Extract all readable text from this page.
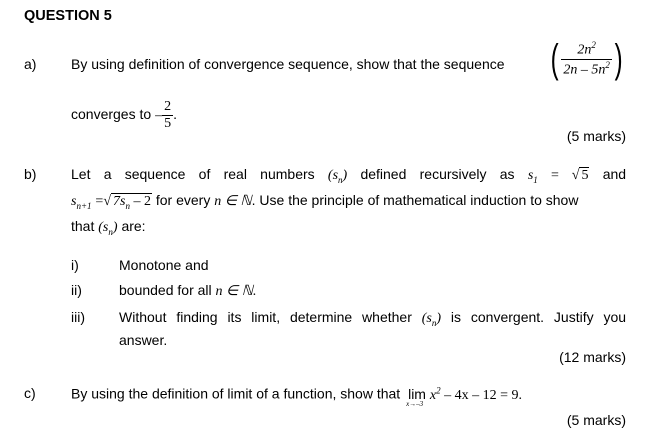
QUESTION 5
a) By using definition of convergence sequence, show that the sequence ( $\frac{2n^2}{2n - 5n^2}$ )
converges to – $\frac{2}{5}$ .
(5 marks)
b) Let a sequence of real numbers $(s_n)$ defined recursively as $s_1$ = √ 5 and
$s_{n+1}$ =√ $7s_n - 2$ for every n ∈ ℕ. Use the principle of mathematical induction to show
that $(s_n)$ are:
i)	Monotone and
ii)	bounded for all n ∈ ℕ.
iii) Without finding its limit, determine whether $(s_n)$ is convergent. Justify you
answer.
(12 marks)
c)	By using the definition of limit of a function, show that lim
x→–3
$x^2 - 4x - 12 = 9$.
(5 marks)
